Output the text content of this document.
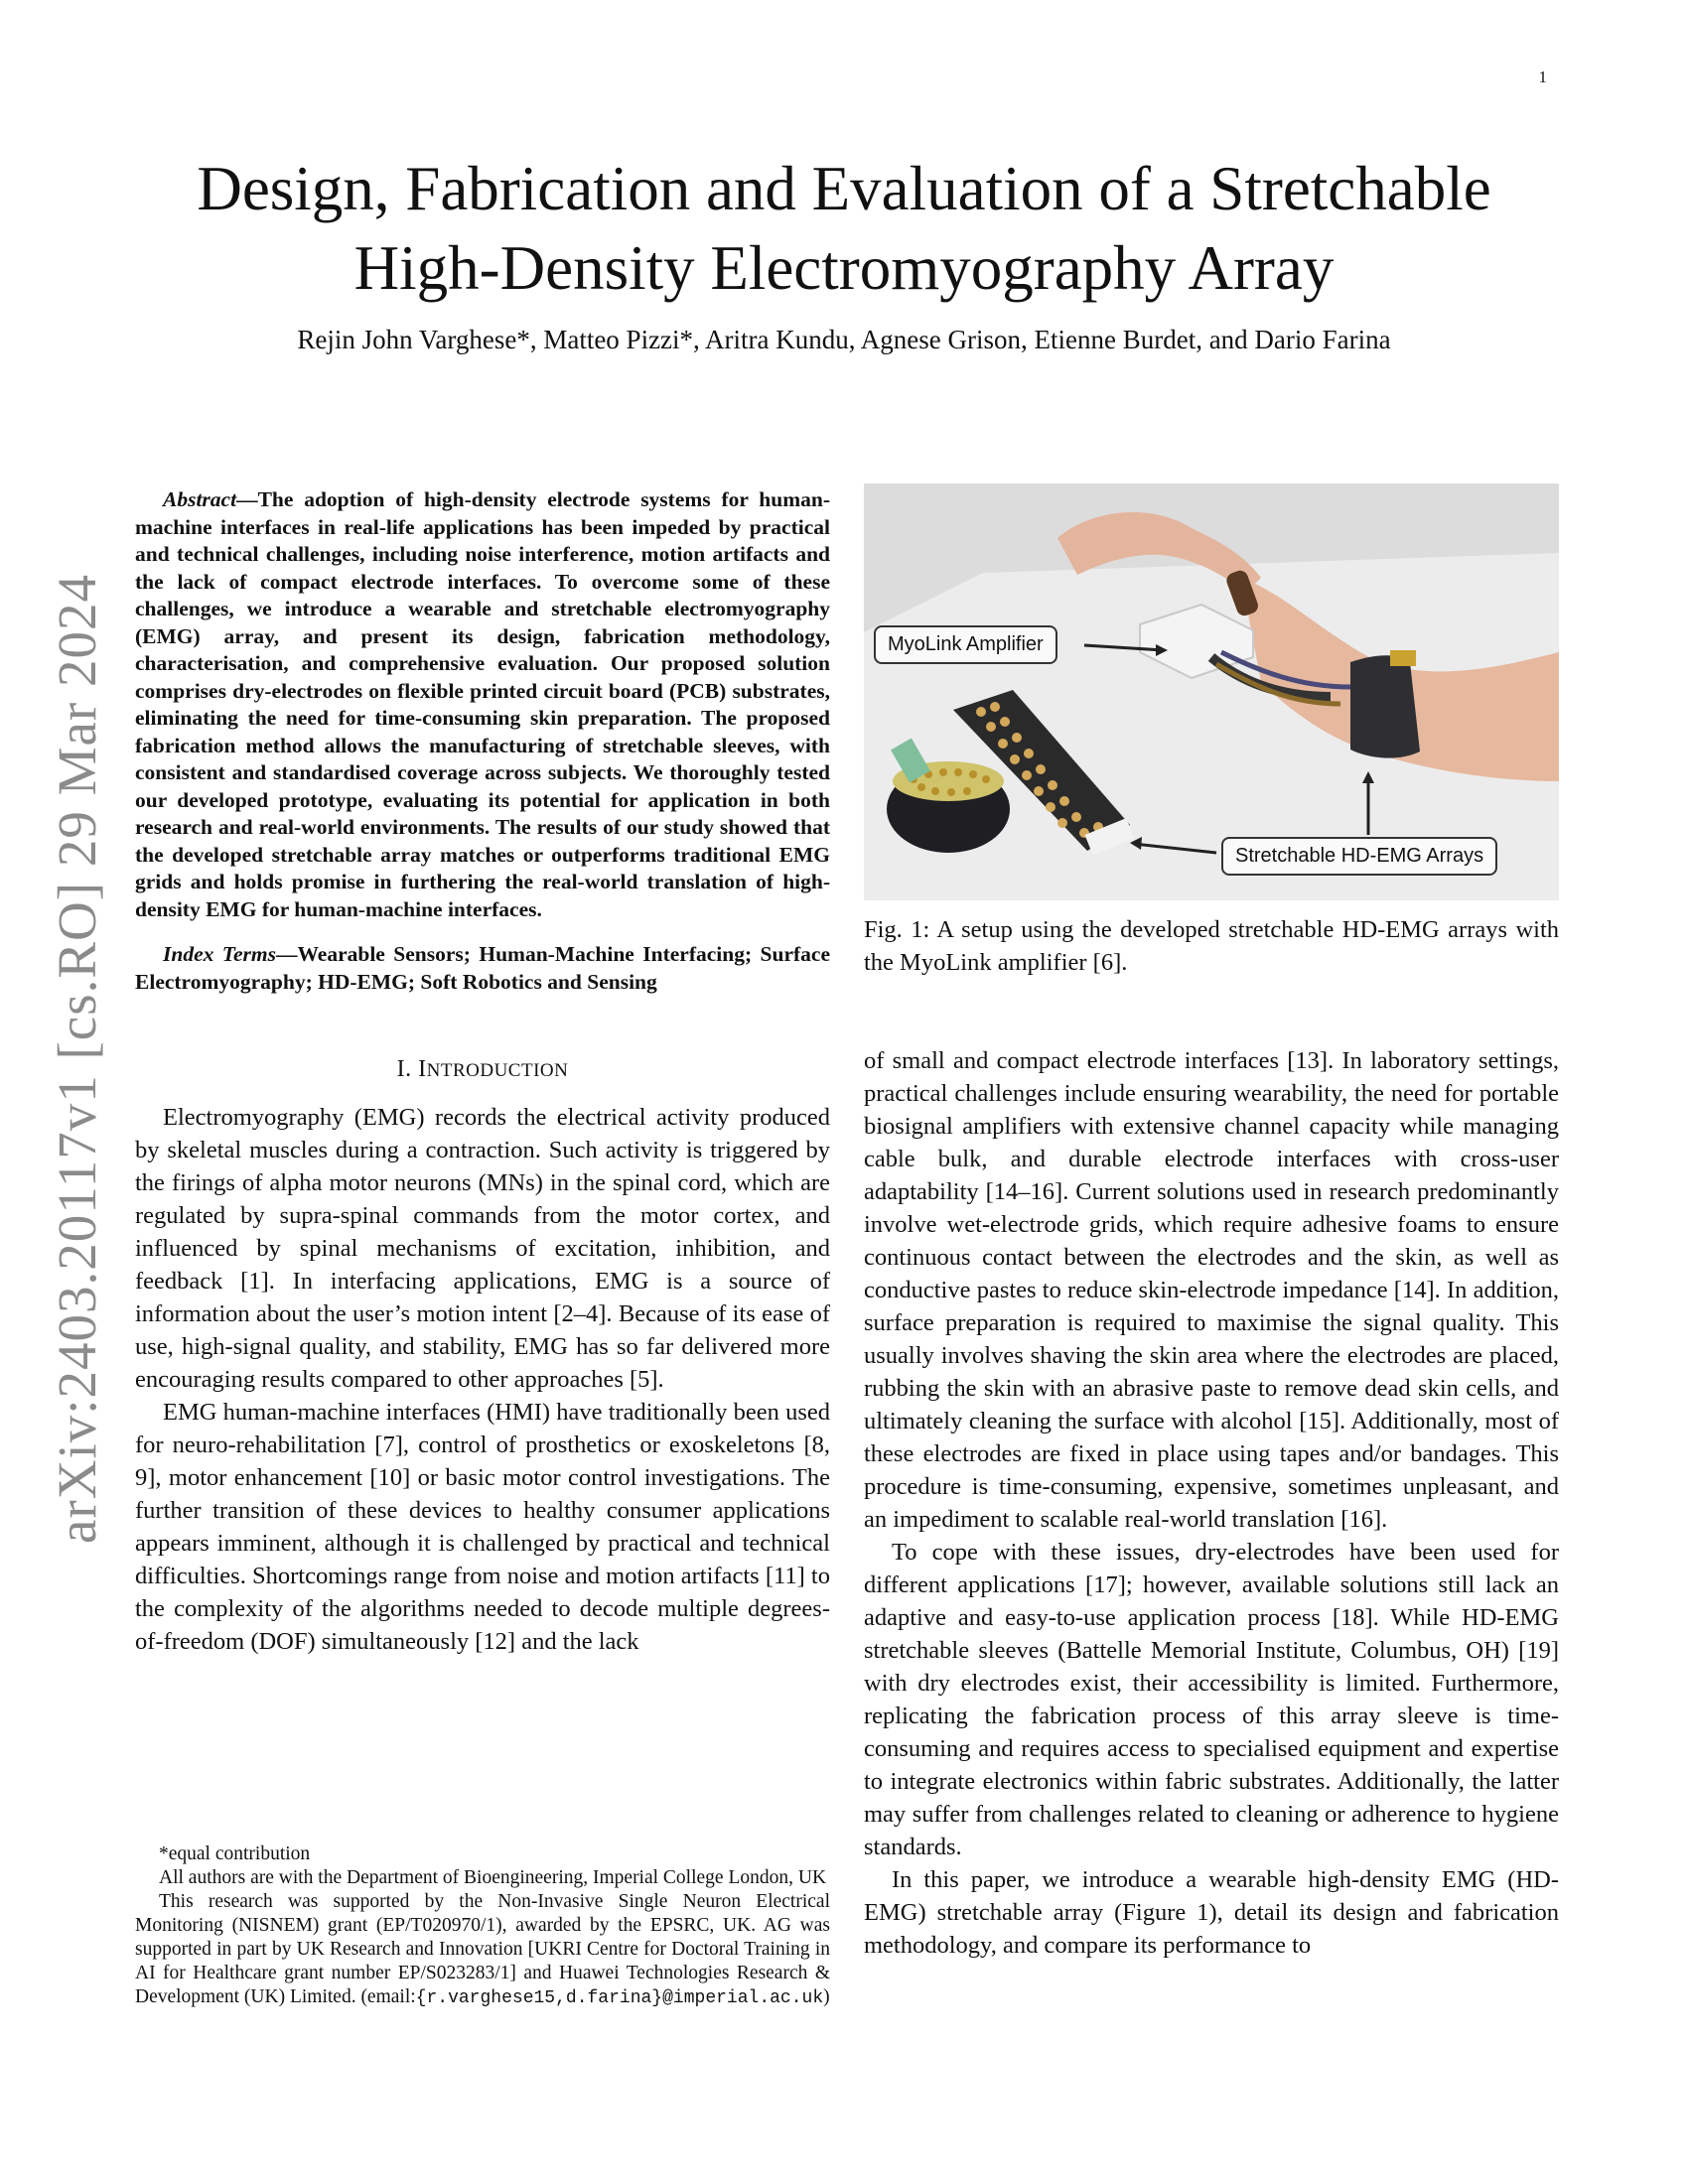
1
arXiv:2403.20117v1 [cs.RO] 29 Mar 2024
Design, Fabrication and Evaluation of a Stretchable
High-Density Electromyography Array

Rejin John Varghese*, Matteo Pizzi*, Aritra Kundu, Agnese Grison, Etienne Burdet, and Dario Farina

Abstract—The adoption of high-density electrode systems for human-machine interfaces in real-life applications has been impeded by practical and technical challenges, including noise interference, motion artifacts and the lack of compact electrode interfaces. To overcome some of these challenges, we introduce a wearable and stretchable electromyography (EMG) array, and present its design, fabrication methodology, characterisation, and comprehensive evaluation. Our proposed solution comprises dry-electrodes on flexible printed circuit board (PCB) substrates, eliminating the need for time-consuming skin preparation. The proposed fabrication method allows the manufacturing of stretchable sleeves, with consistent and standardised coverage across subjects. We thoroughly tested our developed prototype, evaluating its potential for application in both research and real-world environments. The results of our study showed that the developed stretchable array matches or outperforms traditional EMG grids and holds promise in furthering the real-world translation of high-density EMG for human-machine interfaces.

Index Terms—Wearable Sensors; Human-Machine Interfacing; Surface Electromyography; HD-EMG; Soft Robotics and Sensing

I. INTRODUCTION

Electromyography (EMG) records the electrical activity produced by skeletal muscles during a contraction. Such activity is triggered by the firings of alpha motor neurons (MNs) in the spinal cord, which are regulated by supra-spinal commands from the motor cortex, and influenced by spinal mechanisms of excitation, inhibition, and feedback [1]. In interfacing applications, EMG is a source of information about the user’s motion intent [2–4]. Because of its ease of use, high-signal quality, and stability, EMG has so far delivered more encouraging results compared to other approaches [5].

EMG human-machine interfaces (HMI) have traditionally been used for neuro-rehabilitation [7], control of prosthetics or exoskeletons [8, 9], motor enhancement [10] or basic motor control investigations. The further transition of these devices to healthy consumer applications appears imminent, although it is challenged by practical and technical difficulties. Shortcomings range from noise and motion artifacts [11] to the complexity of the algorithms needed to decode multiple degrees-of-freedom (DOF) simultaneously [12] and the lack

*equal contribution

All authors are with the Department of Bioengineering, Imperial College London, UK

This research was supported by the Non-Invasive Single Neuron Electrical Monitoring (NISNEM) grant (EP/T020970/1), awarded by the EPSRC, UK. AG was supported in part by UK Research and Innovation [UKRI Centre for Doctoral Training in AI for Healthcare grant number EP/S023283/1] and Huawei Technologies Research & Development (UK) Limited. (email:{r.varghese15,d.farina}@imperial.ac.uk)

MyoLink Amplifier
Stretchable HD-EMG Arrays

Fig. 1: A setup using the developed stretchable HD-EMG arrays with the MyoLink amplifier [6].

of small and compact electrode interfaces [13]. In laboratory settings, practical challenges include ensuring wearability, the need for portable biosignal amplifiers with extensive channel capacity while managing cable bulk, and durable electrode interfaces with cross-user adaptability [14–16]. Current solutions used in research predominantly involve wet-electrode grids, which require adhesive foams to ensure continuous contact between the electrodes and the skin, as well as conductive pastes to reduce skin-electrode impedance [14]. In addition, surface preparation is required to maximise the signal quality. This usually involves shaving the skin area where the electrodes are placed, rubbing the skin with an abrasive paste to remove dead skin cells, and ultimately cleaning the surface with alcohol [15]. Additionally, most of these electrodes are fixed in place using tapes and/or bandages. This procedure is time-consuming, expensive, sometimes unpleasant, and an impediment to scalable real-world translation [16].

To cope with these issues, dry-electrodes have been used for different applications [17]; however, available solutions still lack an adaptive and easy-to-use application process [18]. While HD-EMG stretchable sleeves (Battelle Memorial Institute, Columbus, OH) [19] with dry electrodes exist, their accessibility is limited. Furthermore, replicating the fabrication process of this array sleeve is time-consuming and requires access to specialised equipment and expertise to integrate electronics within fabric substrates. Additionally, the latter may suffer from challenges related to cleaning or adherence to hygiene standards.

In this paper, we introduce a wearable high-density EMG (HD-EMG) stretchable array (Figure 1), detail its design and fabrication methodology, and compare its performance to
